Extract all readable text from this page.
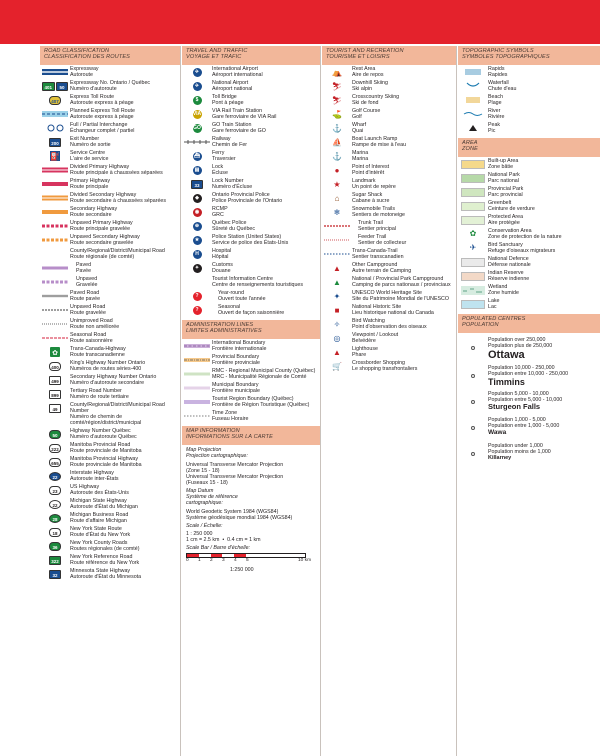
ROAD CLASSIFICATION
CLASSIFICATION DES ROUTES
Expressway
Autoroute
401
	50
Expressway No. Ontario / Québec
Numéro d'autoroute
407
Express Toll Route
Autoroute express à péage
Planned Express Toll Route
Autoroute express à péage
Full / Partial Interchange
Échangeur complet / partiel
200
Exit Number
Numéro de sortie
⛽ Service Centre
L'aire de service
Divided Primary Highway
Route principale à chaussées séparées
Primary Highway
Route principale
Divided Secondary Highway
Route secondaire à chaussées séparées
Secondary Highway
Route secondaire
Unpaved Primary Highway
Route principale gravelée
Unpaved Secondary Highway
Route secondaire gravelée
County/Regional/District/Municipal Road
Route régionale (de comté)
Paved
Pavée
Unpaved
Gravelée
Paved Road
Route pavée
Unpaved Road
Route gravelée
Unimproved Road
Route non améliorée
Seasonal Road
Route saisonnière
✿
Trans-Canada-Highway
Route transcanadienne
400
King's Highway Number Ontario
Numéros de routes séries-400
499
Secondary Highway Number Ontario
Numéro d'autoroute secondaire
899
Tertiary Road Number
Numéro de route tertiaire
49
County/Regional/District/Municipal Road Number
Numéro de chemin de comté/région/district/municipal
50
Highway Number Québec
Numéro d'autoroute Québec
222
Manitoba Provincial Road
Route provinciale de Manitoba
655
Manitoba Provincial Highway
Route provinciale de Manitoba
22
Interstate Highway
Autoroute inter-États
23
US Highway
Autoroute des États-Unis
22
Michigan State Highway
Autoroute d'État du Michigan
28
Michigan Business Road
Route d'affaire Michigan
18
New York State Route
Route d'État du New York
36
New York County Roads
Routes régionales (de comté)
322
New York Reference Road
Route référence du New York
32
Minnesota State Highway
Autoroute d'État du Minnesota
TRAVEL AND TRAFFIC
VOYAGE ET TRAFIC
✈	International Airport
Aéroport international
✈	National Airport
Aéroport national
$	Toll Bridge
Pont à péage
VIA VIA Rail Train Station
Gare ferroviaire de VIA Rail
GO GO Train Station
Gare ferroviaire de GO
Railway
Chemin de Fer
⛴ Ferry
Traversier
▤	Lock
Écluse
33
Lock Number
Numéro d'Écluse
◆	Ontario Provincial Police
Police Provinciale de l'Ontario
◉	RCMP
GRC
⊕	Québec Police
Sûreté du Québec
★	Police Station (United States)
Service de police des États-Unis
H	Hospital
Hôpital
✦	Customs
Douane
Tourist Information Centre
Centre de renseignements touristiques
?	Year-round
Ouvert toute l'année
?	Seasonal
Ouvert de façon saisonnière
ADMINISTRATION LINES
LIMITES ADMINISTRATIVES
International Boundary
Frontière internationale
Provincial Boundary
Frontière provinciale
RMC - Regional Municipal County (Québec)
MRC - Municipalité Régionale de Comté
Municipal Boundary
Frontière municipale
Tourist Region Boundary (Québec)
Frontière de Région Touristique (Québec)
Time Zone
Fuseau Horaire
MAP INFORMATION
INFORMATIONS SUR LA CARTE
Map Projection
Projection cartographique:
Universal Transverse Mercator Projection
(Zone 15 - 18)
Universal Transverse Mercator Projection
(Fuseaux 15 - 18)
Map Datum
Système de référence
cartographique:
World Geodetic System 1984 (WGS84)
Système géodésique mondial 1984 (WGS84)
Scale / Échelle:
1 : 250 000
1 cm = 2.5 km  •  0.4 cm = 1 km
Scale Bar / Barre d'échelle:
0 1 2 3 4 5	10 km
1:250 000
TOURIST AND RECREATION
TOURISME ET LOISIRS
⛺ Rest Area
Aire de repos
⛷ Downhill Skiing
Ski alpin
⛷ Crosscountry Skiing
Ski de fond
⛳ Golf Course
Golf
⚓ Wharf
Quai
⛵ Boat Launch Ramp
Rampe de mise à l'eau
⚓ Marina
Marina
● Point of Interest
Point d'intérêt
★ Landmark
Un point de repère
⌂ Sugar Shack
Cabane à sucre
❄ Snowmobile Trails
Sentiers de motoneige
Trunk Trail
Sentier principal
Feeder Trail
Sentier de collecteur
Trans-Canada-Trail
Sentier transcanadien
▲ Other Campground
Autre terrain de Camping
▲ National / Provincial Park Campground
Camping de parcs nationaux / provinciaux
✦ UNESCO World Heritage Site
Site du Patrimoine Mondial de l'UNESCO
■ National Historic Site
Lieu historique national du Canada
✧ Bird Watching
Point d'observation des oiseaux
◎ Viewpoint / Lookout
Belvédère
▲ Lighthouse
Phare
🛒 Crossborder Shopping
Le shopping transfrontaliers
TOPOGRAPHIC SYMBOLS
SYMBOLES TOPOGRAPHIQUES
Rapids
Rapides
Waterfall
Chute d'eau
Beach
Plage
River
Rivière
Peak
Pic
AREA
ZONE
Built-up Area
Zone bâtie
National Park
Parc national
Provincial Park
Parc provincial
Greenbelt
Ceinture de verdure
Protected Area
Aire protégée
✿ Conservation Area
Zone de protection de la nature
✈ Bird Sanctuary
Refuge d'oiseaux migrateurs
National Defence
Défense nationale
Indian Reserve
Réserve indienne
Wetland
Zone humide
Lake
Lac
POPULATED CENTRES
POPULATION
Population over 250,000
Population plus de 250,000
Ottawa
Population 10,000 - 250,000
Population entre 10,000 - 250,000
Timmins
Population 5,000 - 10,000
Population entre 5,000 - 10,000
Sturgeon Falls
Population 1,000 - 5,000
Population entre 1,000 - 5,000
Wawa
Population under 1,000
Population moins de 1,000
Killarney
